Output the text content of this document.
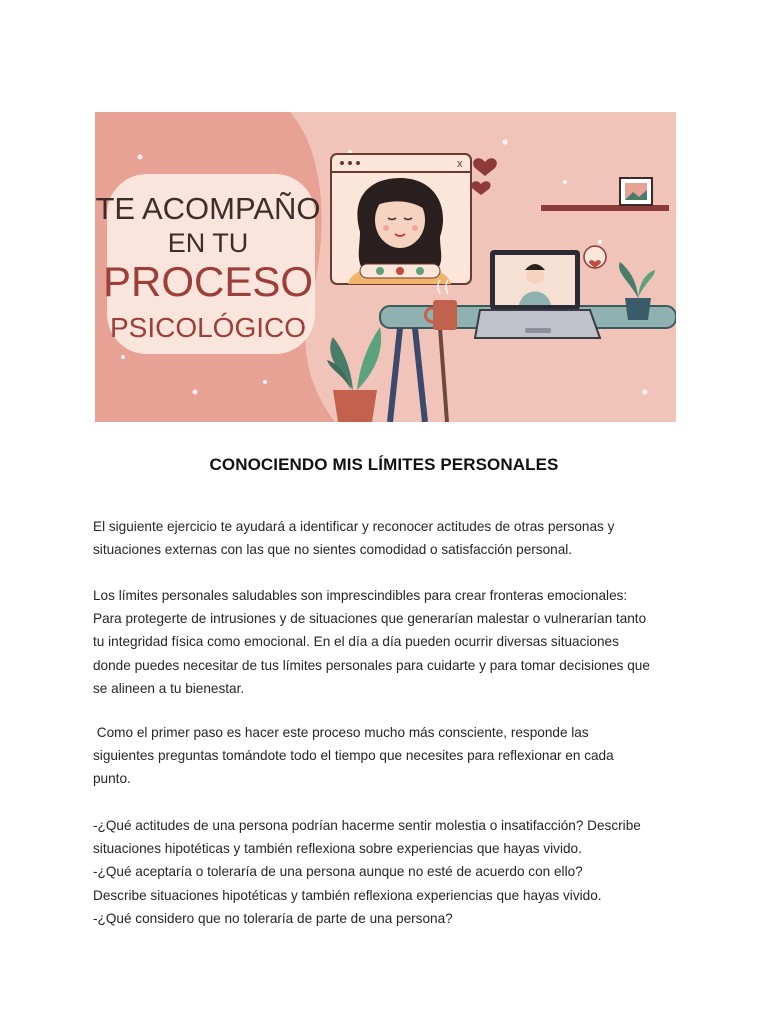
TE ACOMPAÑO
EN TU
PROCESO
PSICOLÓGICO
x
CONOCIENDO MIS LÍMITES PERSONALES

El siguiente ejercicio te ayudará a identificar y reconocer actitudes de otras personas y

situaciones externas con las que no sientes comodidad o satisfacción personal.

Los límites personales saludables son imprescindibles para crear fronteras emocionales:

Para protegerte de intrusiones y de situaciones que generarían malestar o vulnerarían tanto

tu integridad física como emocional. En el día a día pueden ocurrir diversas situaciones

donde puedes necesitar de tus límites personales para cuidarte y para tomar decisiones que

se alineen a tu bienestar.

Como el primer paso es hacer este proceso mucho más consciente, responde las

siguientes preguntas tomándote todo el tiempo que necesites para reflexionar en cada

punto.

-¿Qué actitudes de una persona podrían hacerme sentir molestia o insatifacción? Describe
situaciones hipotéticas y también reflexiona sobre experiencias que hayas vivido.
-¿Qué aceptaría o toleraría de una persona aunque no esté de acuerdo con ello?
Describe situaciones hipotéticas y también reflexiona experiencias que hayas vivido.
-¿Qué considero que no toleraría de parte de una persona?
